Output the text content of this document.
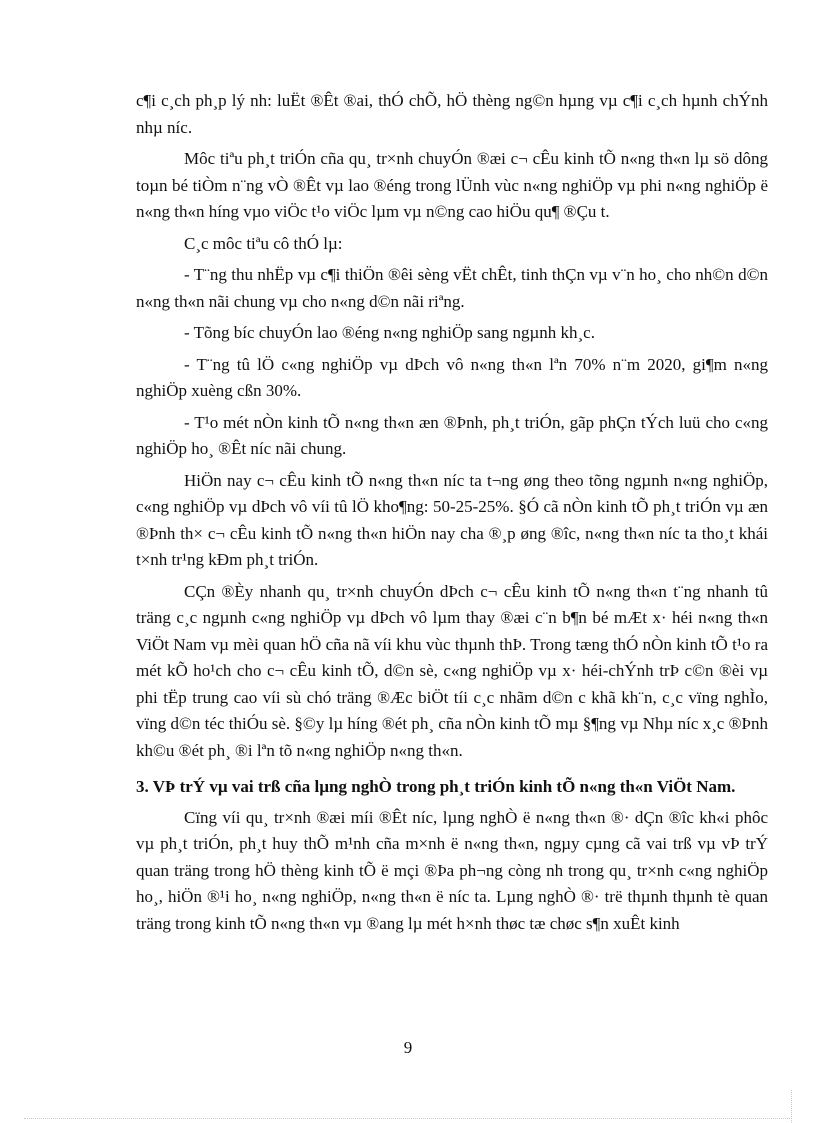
c¶i c¸ch ph¸p lý nh: luËt ®Êt ®ai, thÓ chÕ, hÖ thèng ng©n hµng vµ c¶i c¸ch hµnh chÝnh nhµ níc.

Môc tiªu ph¸t triÓn cña qu¸ tr×nh chuyÓn ®æi c¬ cÊu kinh tÕ n«ng th«n lµ sö dông toµn bé tiÒm n¨ng vÒ ®Êt vµ lao ®éng trong lÜnh vùc n«ng nghiÖp vµ phi n«ng nghiÖp ë n«ng th«n híng vµo viÖc t¹o viÖc lµm vµ n©ng cao hiÖu qu¶ ®Çu t.

C¸c môc tiªu cô thÓ lµ:

- T¨ng thu nhËp vµ c¶i thiÖn ®êi sèng vËt chÊt, tinh thÇn vµ v¨n ho¸ cho nh©n d©n n«ng th«n nãi chung vµ cho n«ng d©n nãi riªng.

- Tõng bíc chuyÓn lao ®éng n«ng nghiÖp sang ngµnh kh¸c.

- T¨ng tû lÖ c«ng nghiÖp vµ dÞch vô n«ng th«n lªn 70% n¨m 2020, gi¶m n«ng nghiÖp xuèng cßn 30%.

- T¹o mét nÒn kinh tÕ n«ng th«n æn ®Þnh, ph¸t triÓn, gãp phÇn tÝch luü cho c«ng nghiÖp ho¸ ®Êt níc nãi chung.

HiÖn nay c¬ cÊu kinh tÕ n«ng th«n níc ta t¬ng øng theo tõng ngµnh n«ng nghiÖp, c«ng nghiÖp vµ dÞch vô víi tû lÖ kho¶ng: 50-25-25%. §Ó cã nÒn kinh tÕ ph¸t triÓn vµ æn ®Þnh th× c¬ cÊu kinh tÕ n«ng th«n hiÖn nay cha ®¸p øng ®îc, n«ng th«n níc ta tho¸t khái t×nh tr¹ng kÐm ph¸t triÓn.

CÇn ®Èy nhanh qu¸ tr×nh chuyÓn dÞch c¬ cÊu kinh tÕ n«ng th«n t¨ng nhanh tû träng c¸c ngµnh c«ng nghiÖp vµ dÞch vô lµm thay ®æi c¨n b¶n bé mÆt x· héi n«ng th«n ViÖt Nam vµ mèi quan hÖ cña nã víi khu vùc thµnh thÞ. Trong tæng thÓ nÒn kinh tÕ t¹o ra mét kÕ ho¹ch cho c¬ cÊu kinh tÕ, d©n sè, c«ng nghiÖp vµ x· héi-chÝnh trÞ c©n ®èi vµ phi tËp trung cao víi sù chó träng ®Æc biÖt tíi c¸c nhãm d©n c khã kh¨n, c¸c vïng nghÌo, vïng d©n téc thiÓu sè. §©y lµ híng ®ét ph¸ cña nÒn kinh tÕ mµ §¶ng vµ Nhµ níc x¸c ®Þnh kh©u ®ét ph¸ ®i lªn tõ n«ng nghiÖp n«ng th«n.

3. VÞ trÝ vµ vai trß cña lµng nghÒ trong ph¸t triÓn kinh tÕ n«ng th«n ViÖt Nam.

Cïng víi qu¸ tr×nh ®æi míi ®Êt níc, lµng nghÒ ë n«ng th«n ®· dÇn ®îc kh«i phôc vµ ph¸t triÓn, ph¸t huy thÕ m¹nh cña m×nh ë n«ng th«n, ngµy cµng cã vai trß vµ vÞ trÝ quan träng trong hÖ thèng kinh tÕ ë mçi ®Þa ph¬ng còng nh trong qu¸ tr×nh c«ng nghiÖp ho¸, hiÖn ®¹i ho¸ n«ng nghiÖp, n«ng th«n ë níc ta. Lµng nghÒ ®· trë thµnh thµnh tè quan träng trong kinh tÕ n«ng th«n vµ ®ang lµ mét h×nh thøc tæ chøc s¶n xuÊt kinh

9
